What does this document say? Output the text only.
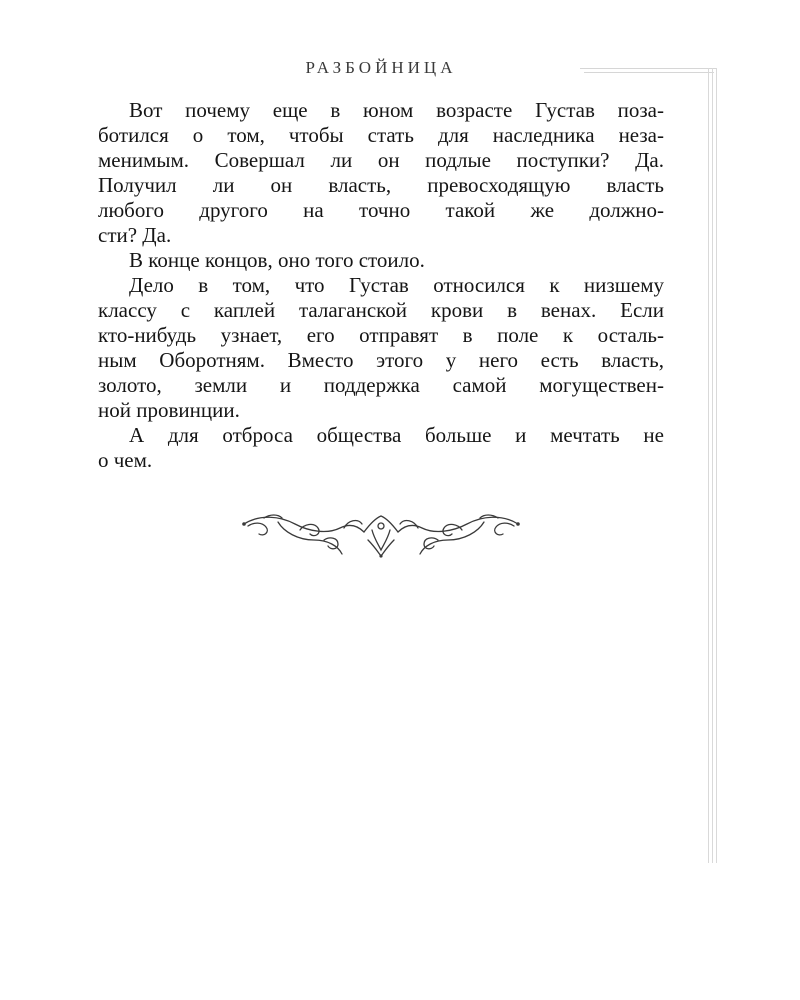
РАЗБОЙНИЦА

Вот почему еще в юном возрасте Густав поза-
ботился о том, чтобы стать для наследника неза-
менимым. Совершал ли он подлые поступки? Да.
Получил ли он власть, превосходящую власть
любого другого на точно такой же должно-
сти? Да.

В конце концов, оно того стоило.

Дело в том, что Густав относился к низшему
классу с каплей талаганской крови в венах. Если
кто-нибудь узнает, его отправят в поле к осталь-
ным Оборотням. Вместо этого у него есть власть,
золото, земли и поддержка самой могуществен-
ной провинции.

А для отброса общества больше и мечтать не
о чем.
